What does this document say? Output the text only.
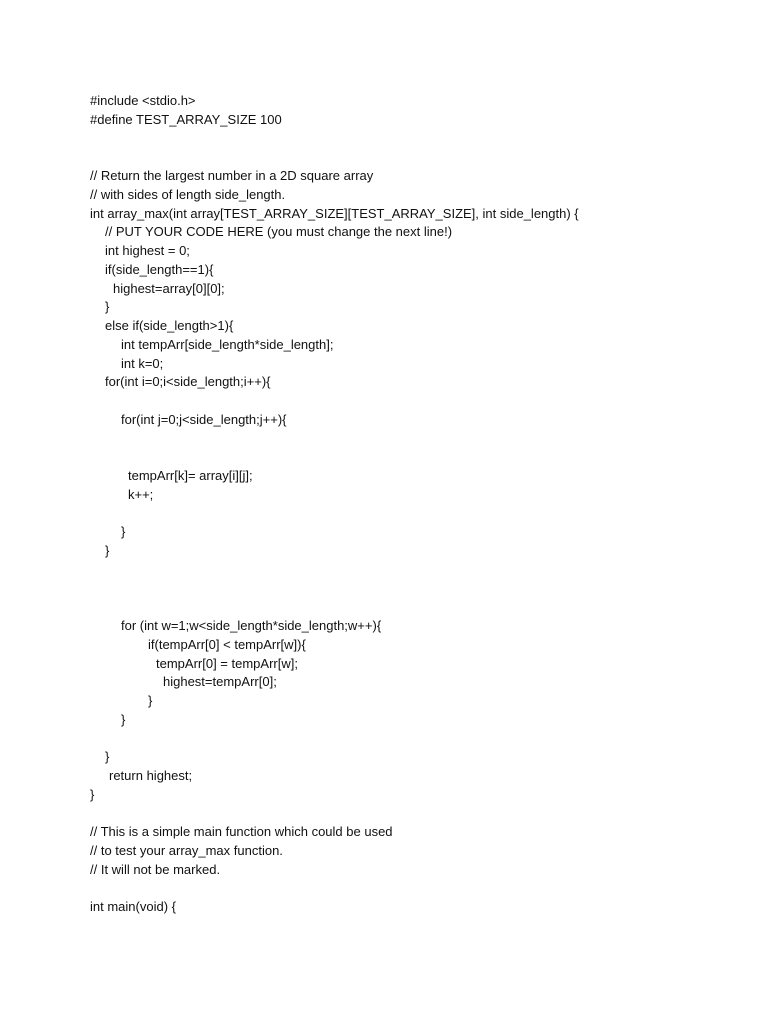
#include <stdio.h>
#define TEST_ARRAY_SIZE 100
// Return the largest number in a 2D square array
// with sides of length side_length.
int array_max(int array[TEST_ARRAY_SIZE][TEST_ARRAY_SIZE], int side_length) {
// PUT YOUR CODE HERE (you must change the next line!)
int highest = 0;
if(side_length==1){
highest=array[0][0];
}
else if(side_length>1){
int tempArr[side_length*side_length];
int k=0;
for(int i=0;i<side_length;i++){
for(int j=0;j<side_length;j++){
tempArr[k]= array[i][j];
k++;
}
}
for (int w=1;w<side_length*side_length;w++){
if(tempArr[0] < tempArr[w]){
tempArr[0] = tempArr[w];
highest=tempArr[0];
}
}
}
return highest;
}
// This is a simple main function which could be used
// to test your array_max function.
// It will not be marked.
int main(void) {
